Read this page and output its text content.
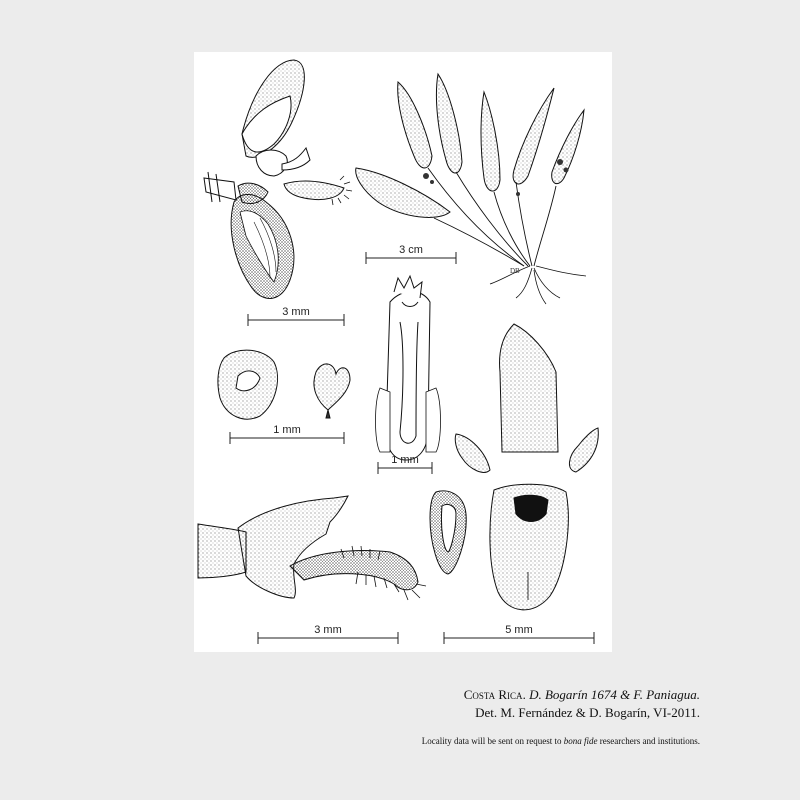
3 cm
3 mm
1 mm
1 mm
3 mm	5 mm
DB
Costa Rica. D. Bogarín 1674 & F. Paniagua.
Det. M. Fernández & D. Bogarín, VI-2011.
Locality data will be sent on request to bona fide researchers and institutions.
